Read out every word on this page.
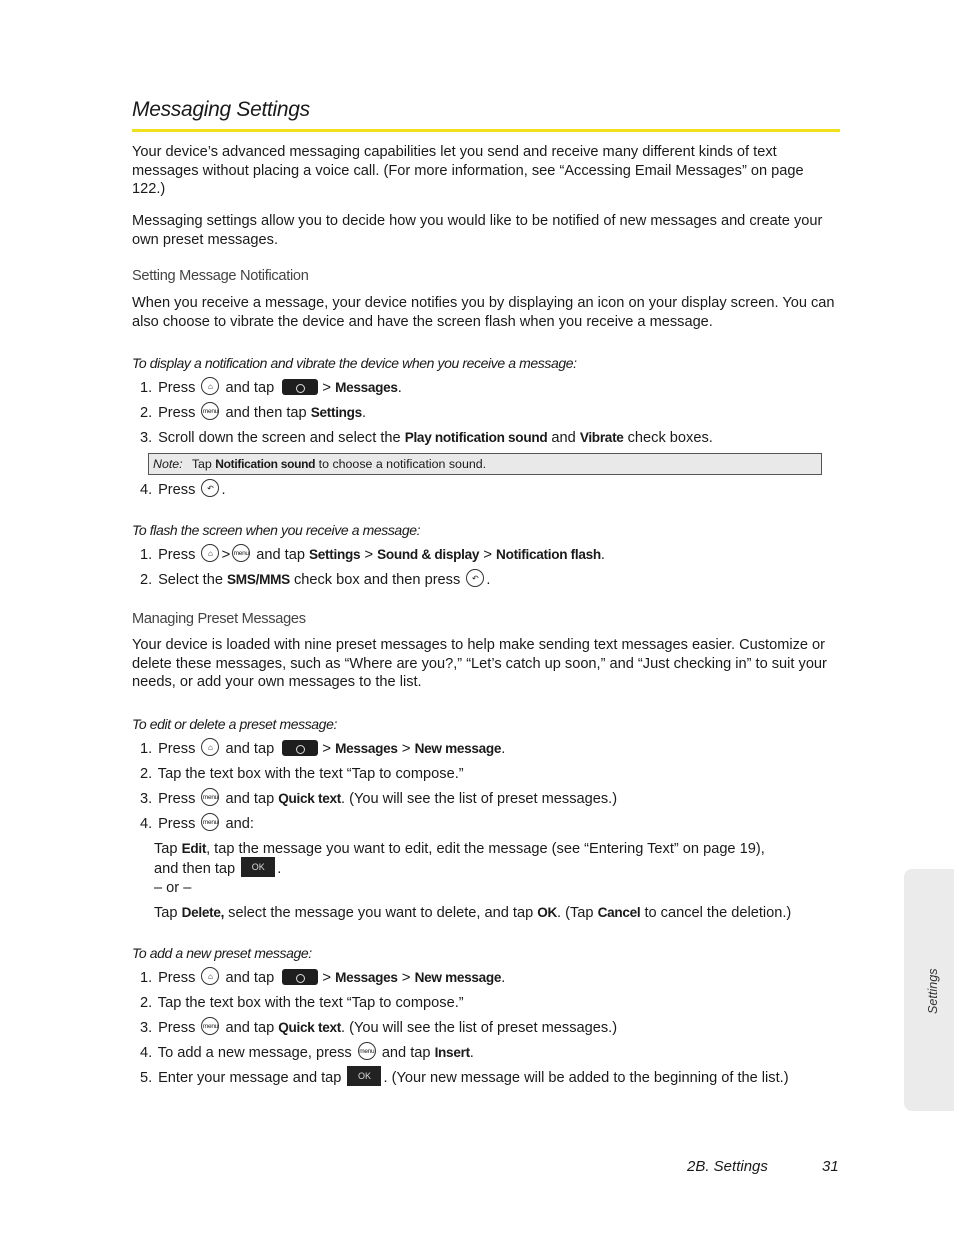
Messaging Settings

Your device’s advanced messaging capabilities let you send and receive many different kinds of text messages without placing a voice call. (For more information, see “Accessing Email Messages” on page 122.)

Messaging settings allow you to decide how you would like to be notified of new messages and create your own preset messages.

Setting Message Notification

When you receive a message, your device notifies you by displaying an icon on your display screen. You can also choose to vibrate the device and have the screen flash when you receive a message.

To display a notification and vibrate the device when you receive a message:
1. Press ⌂ and tap	> Messages.
2. Press menu and then tap Settings.
3. Scroll down the screen and select the Play notification sound and Vibrate check boxes.
Note: Tap Notification sound to choose a notification sound.
4. Press ↶ .
To flash the screen when you receive a message:
1. Press ⌂ > menu and tap Settings > Sound & display > Notification flash.
2. Select the SMS/MMS check box and then press ↶ .
Managing Preset Messages

Your device is loaded with nine preset messages to help make sending text messages easier. Customize or delete these messages, such as “Where are you?,” “Let’s catch up soon,” and “Just checking in” to suit your needs, or add your own messages to the list.

To edit or delete a preset message:
1. Press ⌂ and tap	> Messages > New message.
2. Tap the text box with the text “Tap to compose.”
3. Press menu and tap Quick text. (You will see the list of preset messages.)
4. Press menu and:
Tap Edit, tap the message you want to edit, edit the message (see “Entering Text” on page 19),
and then tap OK .
– or –
Tap Delete, select the message you want to delete, and tap OK. (Tap Cancel to cancel the deletion.)
To add a new preset message:
1. Press ⌂ and tap	> Messages > New message.
2. Tap the text box with the text “Tap to compose.”
3. Press menu and tap Quick text. (You will see the list of preset messages.)
4. To add a new message, press menu and tap Insert.
5. Enter your message and tap OK . (Your new message will be added to the beginning of the list.)
Settings
2B. Settings	31
